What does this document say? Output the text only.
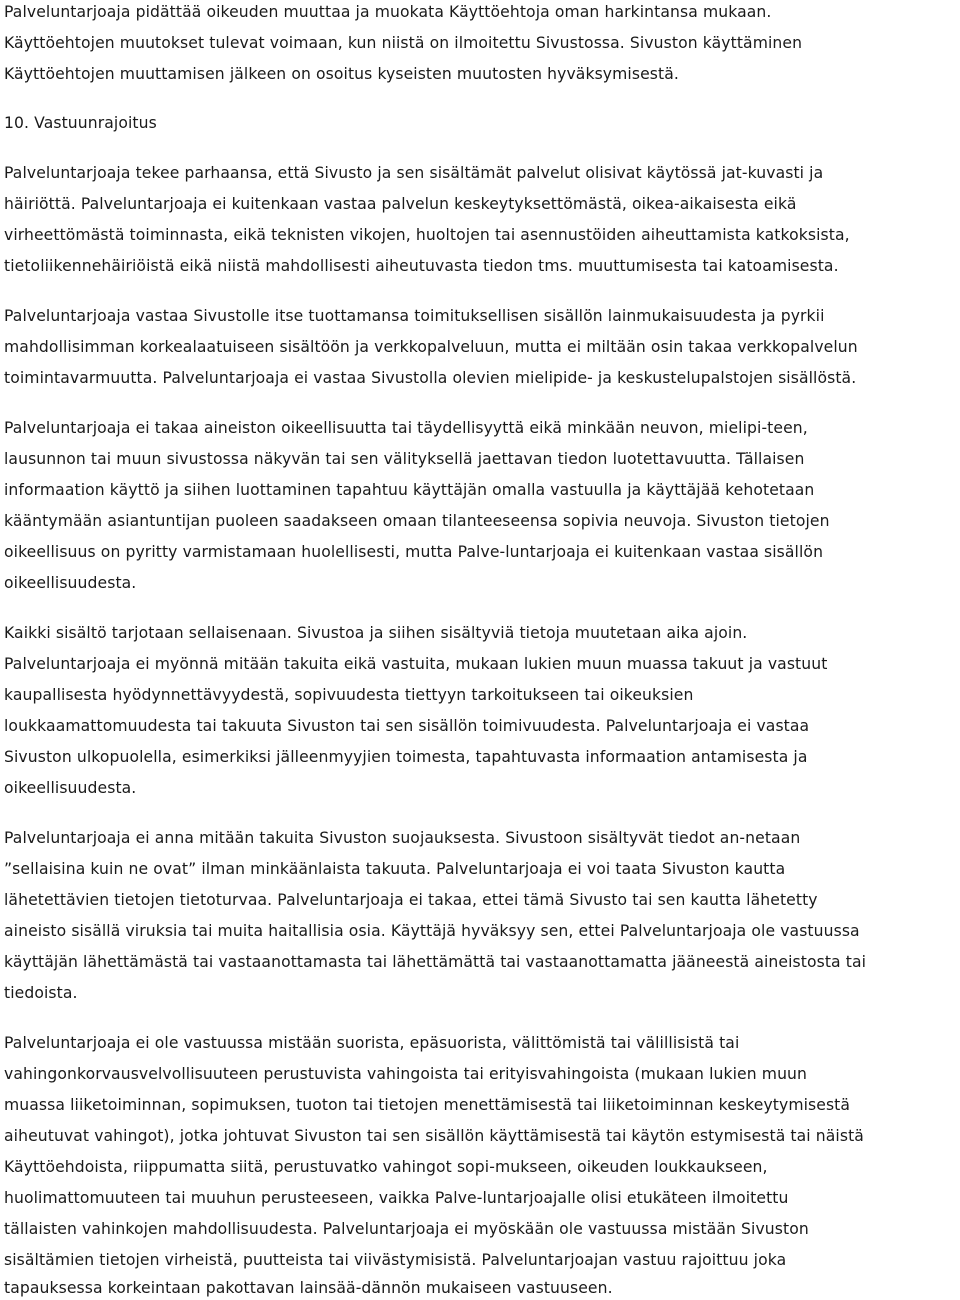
Palveluntarjoaja pidättää oikeuden muuttaa ja muokata Käyttöehtoja oman harkintansa mukaan.
Käyttöehtojen muutokset tulevat voimaan, kun niistä on ilmoitettu Sivustossa. Sivuston käyttäminen
Käyttöehtojen muuttamisen jälkeen on osoitus kyseisten muutosten hyväksymisestä.
10. Vastuunrajoitus
Palveluntarjoaja tekee parhaansa, että Sivusto ja sen sisältämät palvelut olisivat käytössä jat-kuvasti ja
häiriöttä. Palveluntarjoaja ei kuitenkaan vastaa palvelun keskeytyksettömästä, oikea-aikaisesta eikä
virheettömästä toiminnasta, eikä teknisten vikojen, huoltojen tai asennustöiden aiheuttamista katkoksista,
tietoliikennehäiriöistä eikä niistä mahdollisesti aiheutuvasta tiedon tms. muuttumisesta tai katoamisesta.
Palveluntarjoaja vastaa Sivustolle itse tuottamansa toimituksellisen sisällön lainmukaisuudesta ja pyrkii
mahdollisimman korkealaatuiseen sisältöön ja verkkopalveluun, mutta ei miltään osin takaa verkkopalvelun
toimintavarmuutta. Palveluntarjoaja ei vastaa Sivustolla olevien mielipide- ja keskustelupalstojen sisällöstä.
Palveluntarjoaja ei takaa aineiston oikeellisuutta tai täydellisyyttä eikä minkään neuvon, mielipi-teen,
lausunnon tai muun sivustossa näkyvän tai sen välityksellä jaettavan tiedon luotettavuutta. Tällaisen
informaation käyttö ja siihen luottaminen tapahtuu käyttäjän omalla vastuulla ja käyttäjää kehotetaan
kääntymään asiantuntijan puoleen saadakseen omaan tilanteeseensa sopivia neuvoja. Sivuston tietojen
oikeellisuus on pyritty varmistamaan huolellisesti, mutta Palve-luntarjoaja ei kuitenkaan vastaa sisällön
oikeellisuudesta.
Kaikki sisältö tarjotaan sellaisenaan. Sivustoa ja siihen sisältyviä tietoja muutetaan aika ajoin.
Palveluntarjoaja ei myönnä mitään takuita eikä vastuita, mukaan lukien muun muassa takuut ja vastuut
kaupallisesta hyödynnettävyydestä, sopivuudesta tiettyyn tarkoitukseen tai oikeuksien
loukkaamattomuudesta tai takuuta Sivuston tai sen sisällön toimivuudesta. Palveluntarjoaja ei vastaa
Sivuston ulkopuolella, esimerkiksi jälleenmyyjien toimesta, tapahtuvasta informaation antamisesta ja
oikeellisuudesta.
Palveluntarjoaja ei anna mitään takuita Sivuston suojauksesta. Sivustoon sisältyvät tiedot an-netaan
”sellaisina kuin ne ovat” ilman minkäänlaista takuuta. Palveluntarjoaja ei voi taata Sivuston kautta
lähetettävien tietojen tietoturvaa. Palveluntarjoaja ei takaa, ettei tämä Sivusto tai sen kautta lähetetty
aineisto sisällä viruksia tai muita haitallisia osia. Käyttäjä hyväksyy sen, ettei Palveluntarjoaja ole vastuussa
käyttäjän lähettämästä tai vastaanottamasta tai lähettämättä tai vastaanottamatta jääneestä aineistosta tai
tiedoista.
Palveluntarjoaja ei ole vastuussa mistään suorista, epäsuorista, välittömistä tai välillisistä tai
vahingonkorvausvelvollisuuteen perustuvista vahingoista tai erityisvahingoista (mukaan lukien muun
muassa liiketoiminnan, sopimuksen, tuoton tai tietojen menettämisestä tai liiketoiminnan keskeytymisestä
aiheutuvat vahingot), jotka johtuvat Sivuston tai sen sisällön käyttämisestä tai käytön estymisestä tai näistä
Käyttöehdoista, riippumatta siitä, perustuvatko vahingot sopi-mukseen, oikeuden loukkaukseen,
huolimattomuuteen tai muuhun perusteeseen, vaikka Palve-luntarjoajalle olisi etukäteen ilmoitettu
tällaisten vahinkojen mahdollisuudesta. Palveluntarjoaja ei myöskään ole vastuussa mistään Sivuston
sisältämien tietojen virheistä, puutteista tai viivästymisistä. Palveluntarjoajan vastuu rajoittuu joka
tapauksessa korkeintaan pakottavan lainsää-dännön mukaiseen vastuuseen.
